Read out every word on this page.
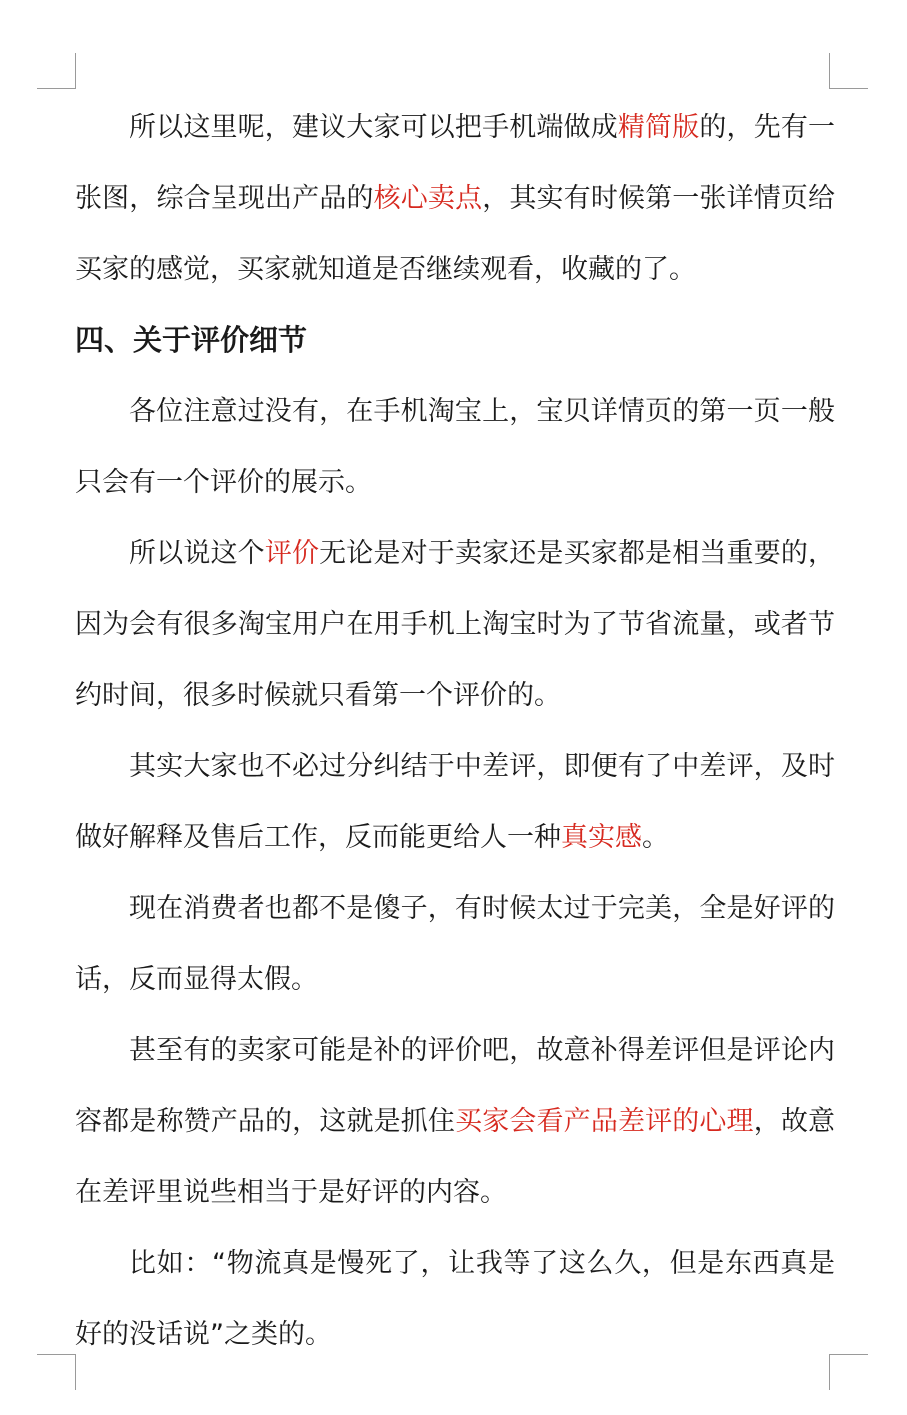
所以这里呢，建议大家可以把手机端做成精简版的，先有一张图，综合呈现出产品的核心卖点，其实有时候第一张详情页给买家的感觉，买家就知道是否继续观看，收藏的了。

四、关于评价细节

各位注意过没有，在手机淘宝上，宝贝详情页的第一页一般只会有一个评价的展示。

所以说这个评价无论是对于卖家还是买家都是相当重要的，因为会有很多淘宝用户在用手机上淘宝时为了节省流量，或者节约时间，很多时候就只看第一个评价的。

其实大家也不必过分纠结于中差评，即便有了中差评，及时做好解释及售后工作，反而能更给人一种真实感。

现在消费者也都不是傻子，有时候太过于完美，全是好评的话，反而显得太假。

甚至有的卖家可能是补的评价吧，故意补得差评但是评论内容都是称赞产品的，这就是抓住买家会看产品差评的心理，故意在差评里说些相当于是好评的内容。

比如：“物流真是慢死了，让我等了这么久，但是东西真是好的没话说”之类的。
